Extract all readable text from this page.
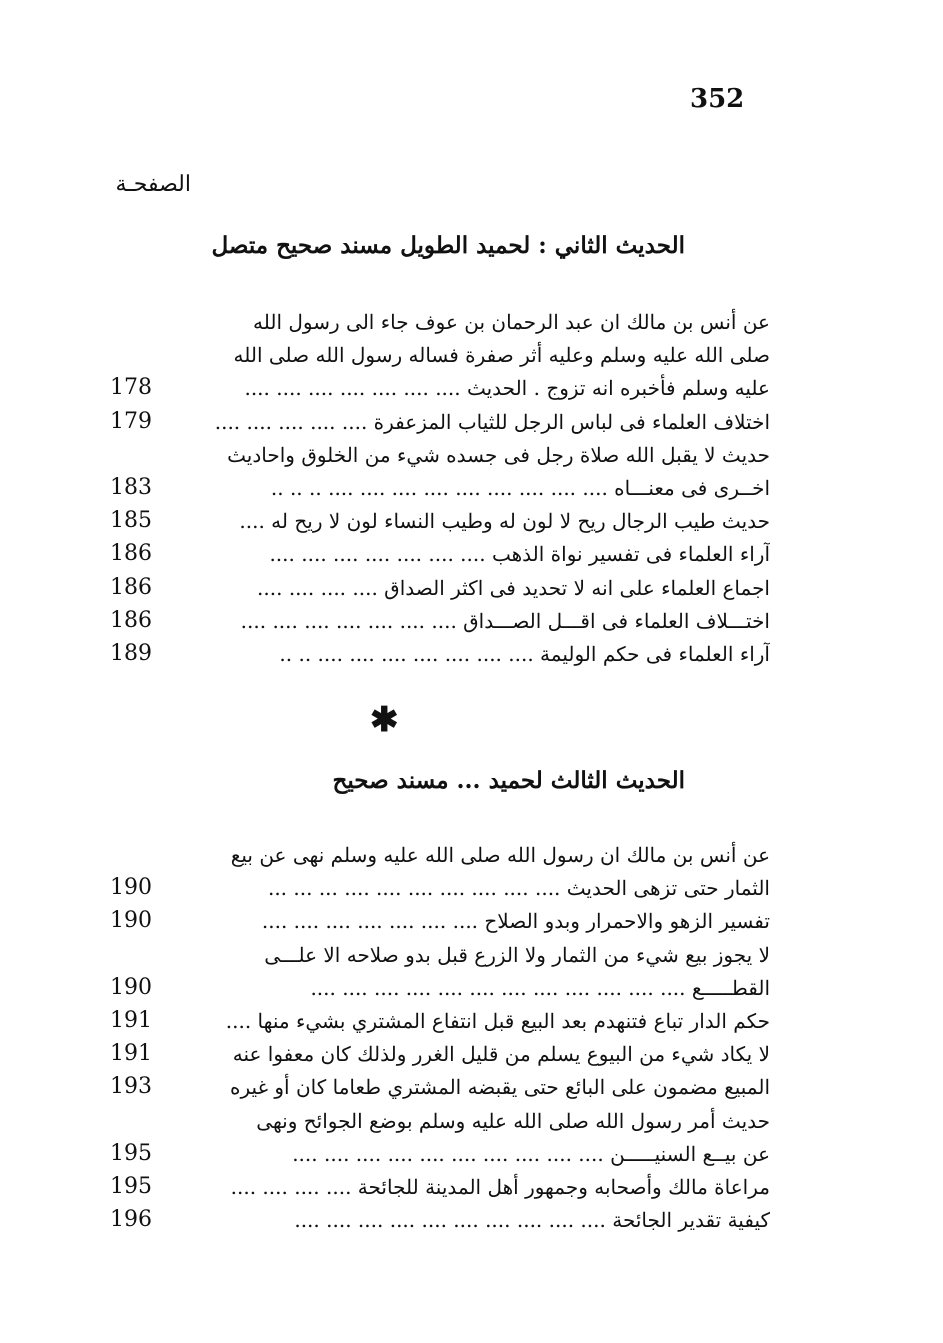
352
الصفحـة
الحديث الثاني : لحميد الطويل مسند صحيح متصل
عن أنس بن مالك ان عبد الرحمان بن عوف جاء الى رسول الله
صلى الله عليه وسلم وعليه أثر صفرة فساله رسول الله صلى الله
عليه وسلم فأخبره انه تزوج . الحديث .... .... .... .... .... .... ....
178
اختلاف العلماء فى لباس الرجل للثياب المزعفرة .... .... .... .... ....
179
حديث لا يقبل الله صلاة رجل فى جسده شيء من الخلوق واحاديث
اخــرى فى معنـــاه .... .... .... .... .... .... .... .... .... .. .. ..
183
حديث طيب الرجال ريح لا لون له وطيب النساء لون لا ريح له ....
185
آراء العلماء فى تفسير نواة الذهب .... .... .... .... .... .... ....
186
اجماع العلماء على انه لا تحديد فى اكثر الصداق .... .... .... ....
186
اختـــلاف العلماء فى اقـــل الصـــداق .... .... .... .... .... .... ....
186
آراء العلماء فى حكم الوليمة .... .... .... .... .... .... .... .. ..
189
✱
الحديث الثالث لحميد ... مسند صحيح
عن أنس بن مالك ان رسول الله صلى الله عليه وسلم نهى عن بيع
الثمار حتى تزهى الحديث .... .... .... .... .... .... .... ... ... ...
190
تفسير الزهو والاحمرار وبدو الصلاح .... .... .... .... .... .... ....
190
لا يجوز بيع شيء من الثمار ولا الزرع قبل بدو صلاحه الا علـــى
القطـــــع .... .... .... .... .... .... .... .... .... .... .... ....
190
حكم الدار تباع فتنهدم بعد البيع قبل انتفاع المشتري بشيء منها ....
191
لا يكاد شيء من البيوع يسلم من قليل الغرر ولذلك كان معفوا عنه
191
المبيع مضمون على البائع حتى يقبضه المشتري طعاما كان أو غيره
193
حديث أمر رسول الله صلى الله عليه وسلم بوضع الجوائح ونهى
عن بيــع السنيـــــن .... .... .... .... .... .... .... .... .... ....
195
مراعاة مالك وأصحابه وجمهور أهل المدينة للجائحة .... .... .... ....
195
كيفية تقدير الجائحة .... .... .... .... .... .... .... .... .... ....
196
